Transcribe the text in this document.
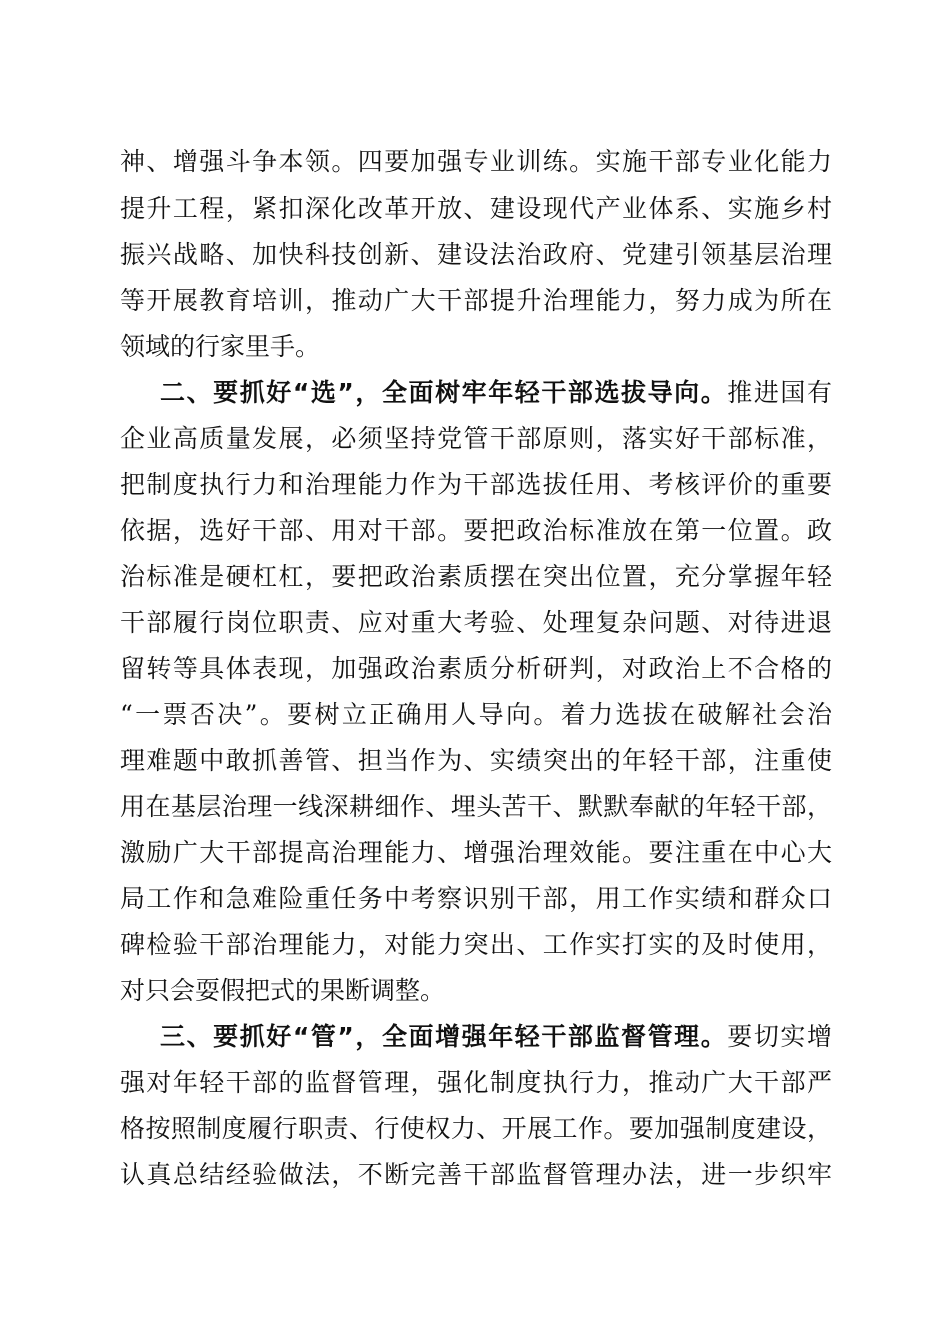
神、增强斗争本领。四要加强专业训练。实施干部专业化能力
提升工程，紧扣深化改革开放、建设现代产业体系、实施乡村
振兴战略、加快科技创新、建设法治政府、党建引领基层治理
等开展教育培训，推动广大干部提升治理能力，努力成为所在
领域的行家里手。
二、要抓好“选”，全面树牢年轻干部选拔导向。推进国有
企业高质量发展，必须坚持党管干部原则，落实好干部标准，
把制度执行力和治理能力作为干部选拔任用、考核评价的重要
依据，选好干部、用对干部。要把政治标准放在第一位置。政
治标准是硬杠杠，要把政治素质摆在突出位置，充分掌握年轻
干部履行岗位职责、应对重大考验、处理复杂问题、对待进退
留转等具体表现，加强政治素质分析研判，对政治上不合格的
“一票否决”。要树立正确用人导向。着力选拔在破解社会治
理难题中敢抓善管、担当作为、实绩突出的年轻干部，注重使
用在基层治理一线深耕细作、埋头苦干、默默奉献的年轻干部，
激励广大干部提高治理能力、增强治理效能。要注重在中心大
局工作和急难险重任务中考察识别干部，用工作实绩和群众口
碑检验干部治理能力，对能力突出、工作实打实的及时使用，
对只会耍假把式的果断调整。
三、要抓好“管”，全面增强年轻干部监督管理。要切实增
强对年轻干部的监督管理，强化制度执行力，推动广大干部严
格按照制度履行职责、行使权力、开展工作。要加强制度建设，
认真总结经验做法，不断完善干部监督管理办法，进一步织牢
